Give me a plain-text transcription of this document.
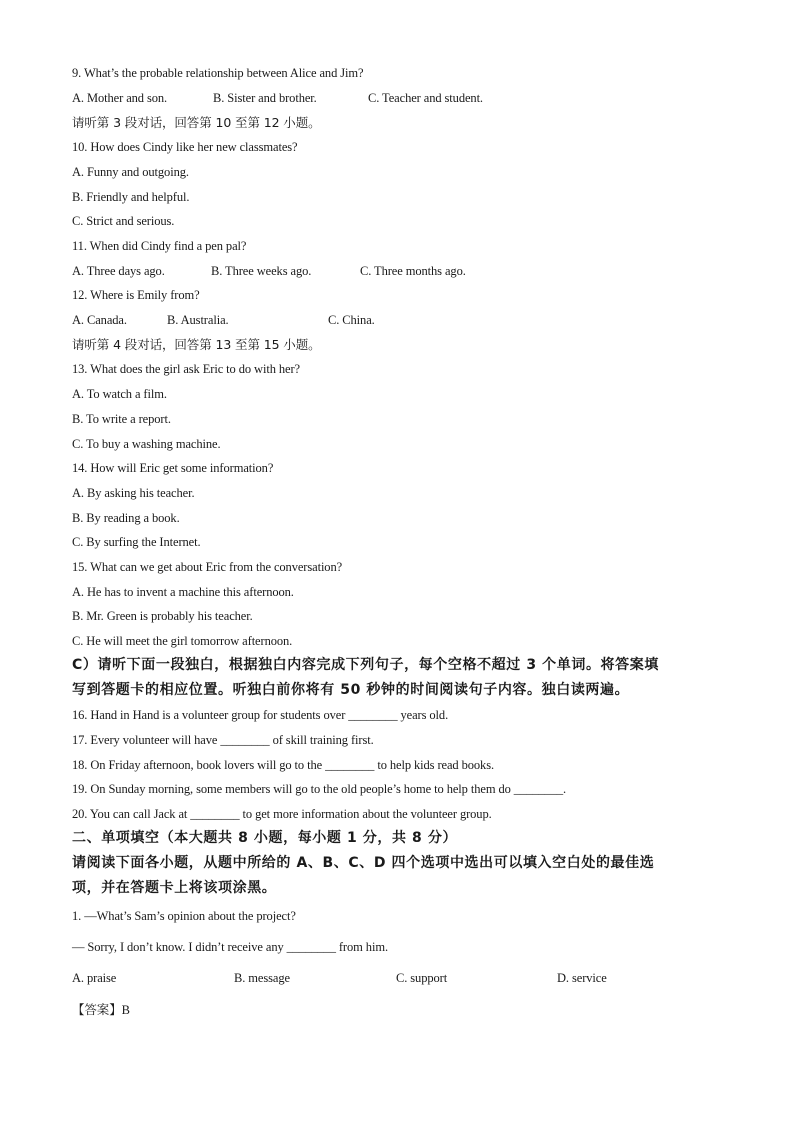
9. What’s the probable relationship between Alice and Jim?
A. Mother and son.	B. Sister and brother.	C. Teacher and student.
请听第 3 段对话，回答第 10 至第 12 小题。
10. How does Cindy like her new classmates?
A. Funny and outgoing.
B. Friendly and helpful.
C. Strict and serious.
11. When did Cindy find a pen pal?
A. Three days ago.	B. Three weeks ago.	C. Three months ago.
12. Where is Emily from?
A. Canada.	B. Australia.	C. China.
请听第 4 段对话，回答第 13 至第 15 小题。
13. What does the girl ask Eric to do with her?
A. To watch a film.
B. To write a report.
C. To buy a washing machine.
14. How will Eric get some information?
A. By asking his teacher.
B. By reading a book.
C. By surfing the Internet.
15. What can we get about Eric from the conversation?
A. He has to invent a machine this afternoon.
B. Mr. Green is probably his teacher.
C. He will meet the girl tomorrow afternoon.
C）请听下面一段独白，根据独白内容完成下列句子，每个空格不超过 3 个单词。将答案填
写到答题卡的相应位置。听独白前你将有 50 秒钟的时间阅读句子内容。独白读两遍。
16. Hand in Hand is a volunteer group for students over ________ years old.
17. Every volunteer will have ________ of skill training first.
18. On Friday afternoon, book lovers will go to the ________ to help kids read books.
19. On Sunday morning, some members will go to the old people’s home to help them do ________.
20. You can call Jack at ________ to get more information about the volunteer group.
二、单项填空（本大题共 8 小题，每小题 1 分，共 8 分）
请阅读下面各小题，从题中所给的 A、B、C、D 四个选项中选出可以填入空白处的最佳选
项，并在答题卡上将该项涂黑。
1. —What’s Sam’s opinion about the project?
— Sorry, I don’t know. I didn’t receive any ________ from him.
A. praise	B. message	C. support	D. service
【答案】B
